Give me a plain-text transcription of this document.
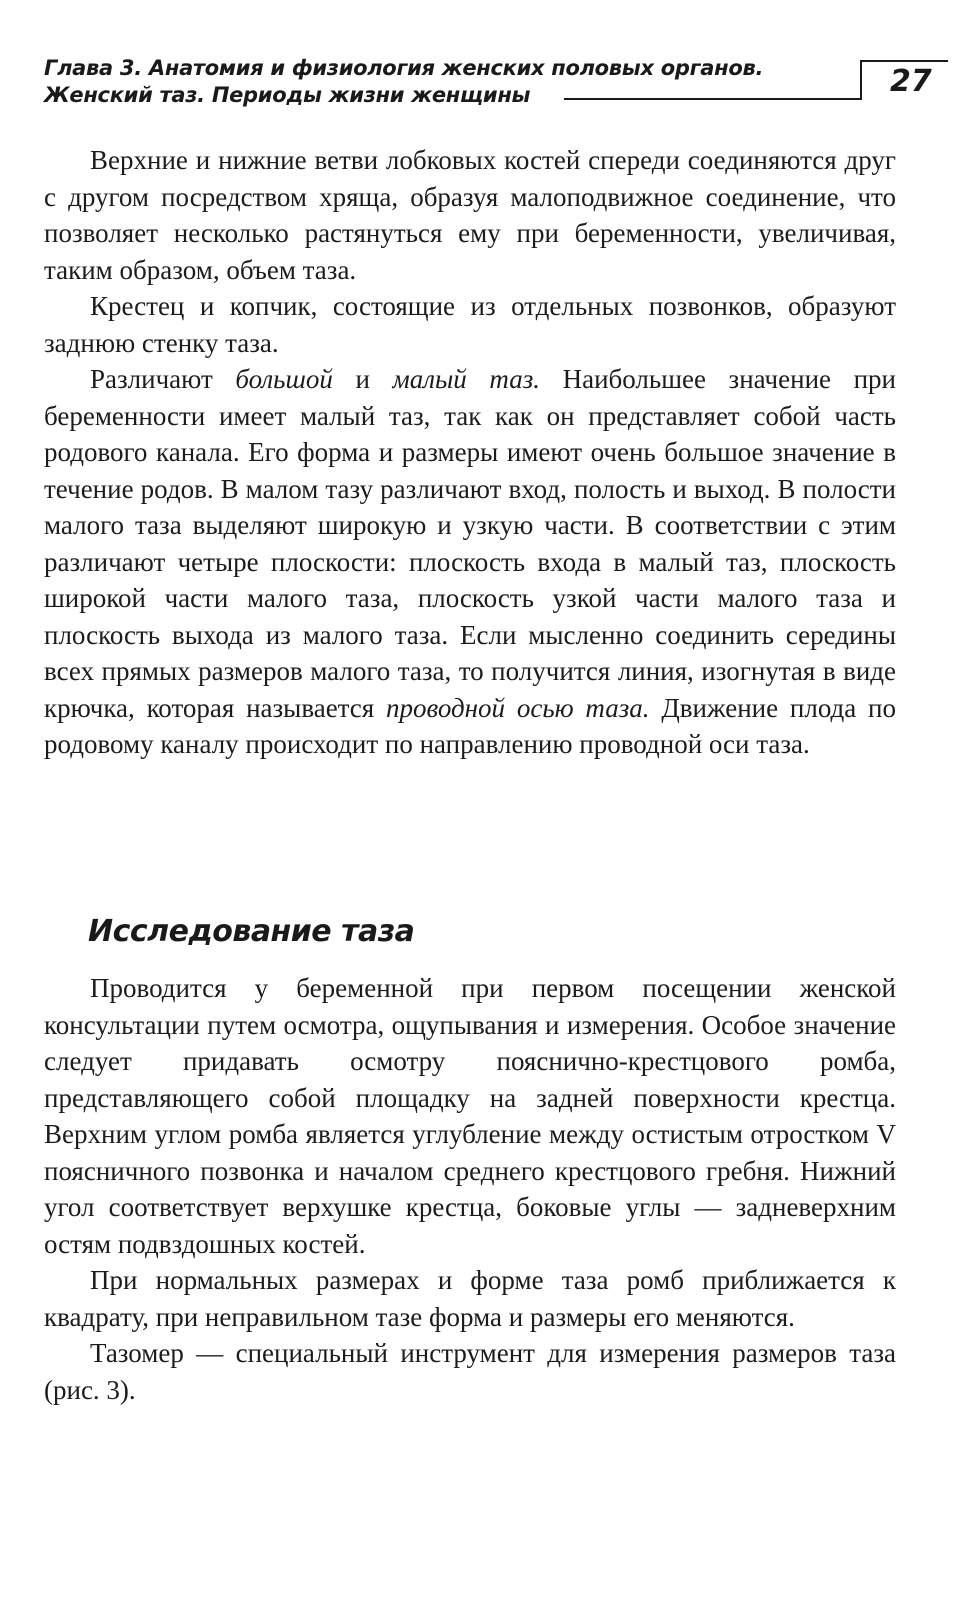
Глава 3. Анатомия и физиология женских половых органов.
Женский таз. Периоды жизни женщины	27

Верхние и нижние ветви лобковых костей спереди соединяются друг с другом посредством хряща, образуя малоподвижное соединение, что позволяет несколько растянуться ему при беременности, увеличивая, таким образом, объем таза.

Крестец и копчик, состоящие из отдельных позвонков, образуют заднюю стенку таза.

Различают большой и малый таз. Наибольшее значение при беременности имеет малый таз, так как он представляет собой часть родового канала. Его форма и размеры имеют очень большое значение в течение родов. В малом тазу различают вход, полость и выход. В полости малого таза выделяют широкую и узкую части. В соответствии с этим различают четыре плоскости: плоскость входа в малый таз, плоскость широкой части малого таза, плоскость узкой части малого таза и плоскость выхода из малого таза. Если мысленно соединить середины всех прямых размеров малого таза, то получится линия, изогнутая в виде крючка, которая называется проводной осью таза. Движение плода по родовому каналу происходит по направлению проводной оси таза.

Исследование таза

Проводится у беременной при первом посещении женской консультации путем осмотра, ощупывания и измерения. Особое значение следует придавать осмотру пояснично-крестцового ромба, представляющего собой площадку на задней поверхности крестца. Верхним углом ромба является углубление между остистым отростком V поясничного позвонка и началом среднего крестцового гребня. Нижний угол соответствует верхушке крестца, боковые углы — задневерхним остям подвздошных костей.

При нормальных размерах и форме таза ромб приближается к квадрату, при неправильном тазе форма и размеры его меняются.

Тазомер — специальный инструмент для измерения размеров таза (рис. 3).
